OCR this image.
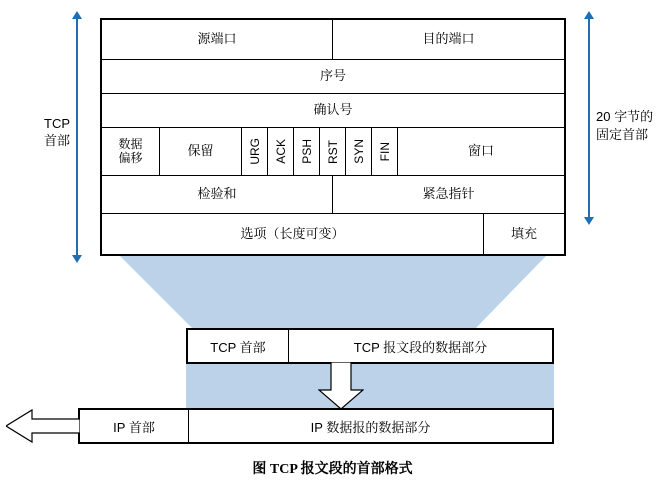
TCP
首部
源端口	目的端口
序号
确认号
数据
偏移	保留	URG ACK PSH RST SYN FIN	窗口
检验和	紧急指针
选项（长度可变）	填充
20 字节的
固定首部
TCP 首部	TCP 报文段的数据部分
IP 首部	IP 数据报的数据部分
图 TCP 报文段的首部格式
